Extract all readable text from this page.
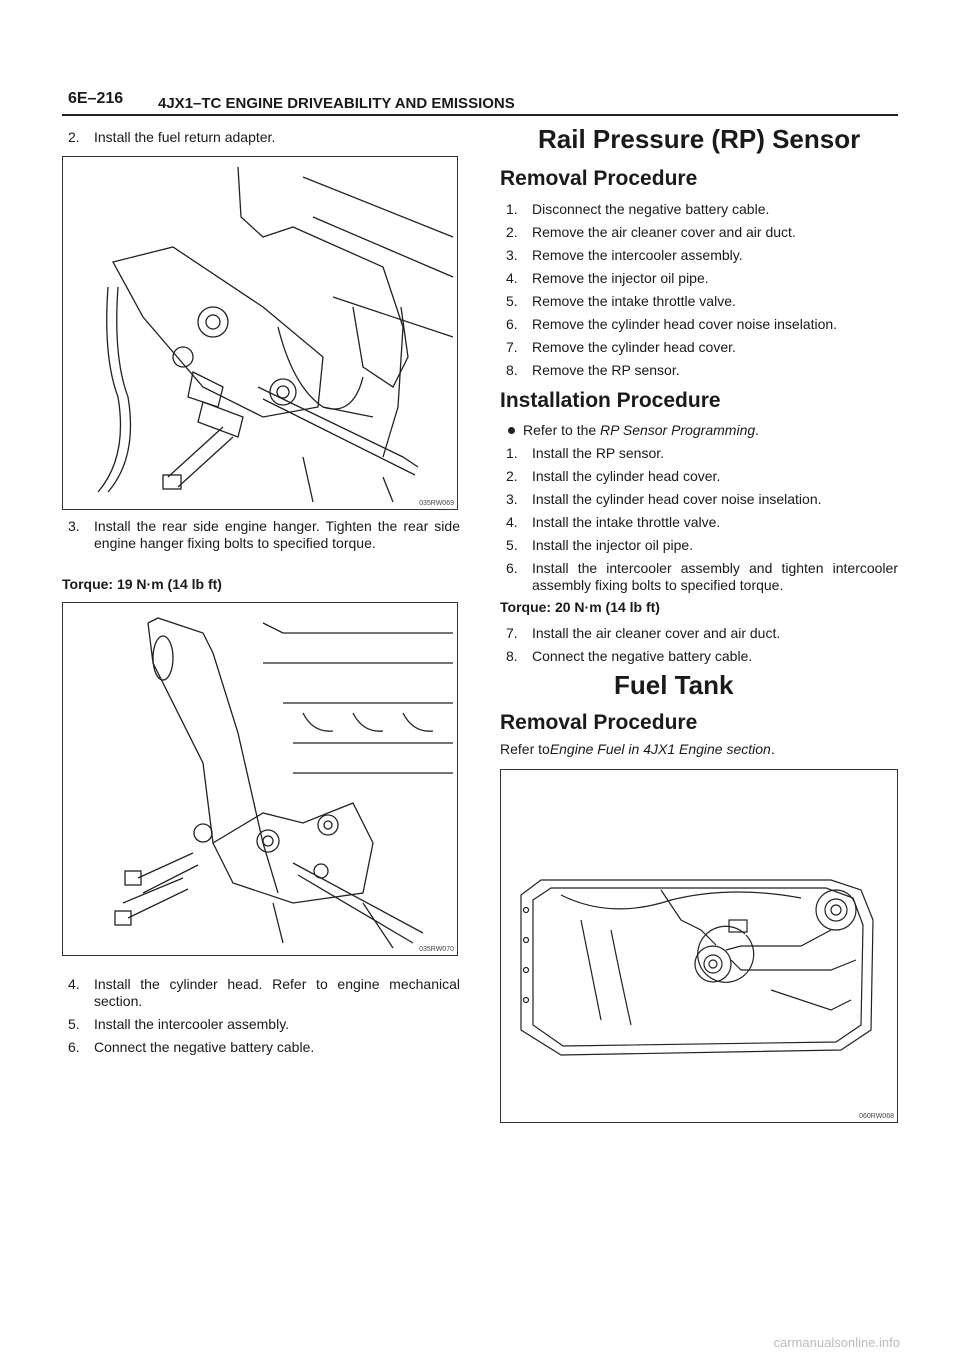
6E–216 4JX1–TC ENGINE DRIVEABILITY AND EMISSIONS
2.	Install the fuel return adapter.
035RW069
3.	Install the rear side engine hanger. Tighten the rear side engine hanger fixing bolts to specified torque.
Torque: 19 N·m (14 lb ft)
035RW070
4.	Install the cylinder head. Refer to engine mechanical section.
5.	Install the intercooler assembly.
6.	Connect the negative battery cable.
Rail Pressure (RP) Sensor
Removal Procedure
1.	Disconnect the negative battery cable.
2.	Remove the air cleaner cover and air duct.
3.	Remove the intercooler assembly.
4.	Remove the injector oil pipe.
5.	Remove the intake throttle valve.
6.	Remove the cylinder head cover noise inselation.
7.	Remove the cylinder head cover.
8.	Remove the RP sensor.
Installation Procedure
Refer to the RP Sensor Programming.
1.	Install the RP sensor.
2.	Install the cylinder head cover.
3.	Install the cylinder head cover noise inselation.
4.	Install the intake throttle valve.
5.	Install the injector oil pipe.
6.	Install the intercooler assembly and tighten intercooler assembly fixing bolts to specified torque.
Torque: 20 N·m (14 lb ft)
7.	Install the air cleaner cover and air duct.
8.	Connect the negative battery cable.
Fuel Tank
Removal Procedure
Refer toEngine Fuel in 4JX1 Engine section.
060RW068
carmanualsonline.info
